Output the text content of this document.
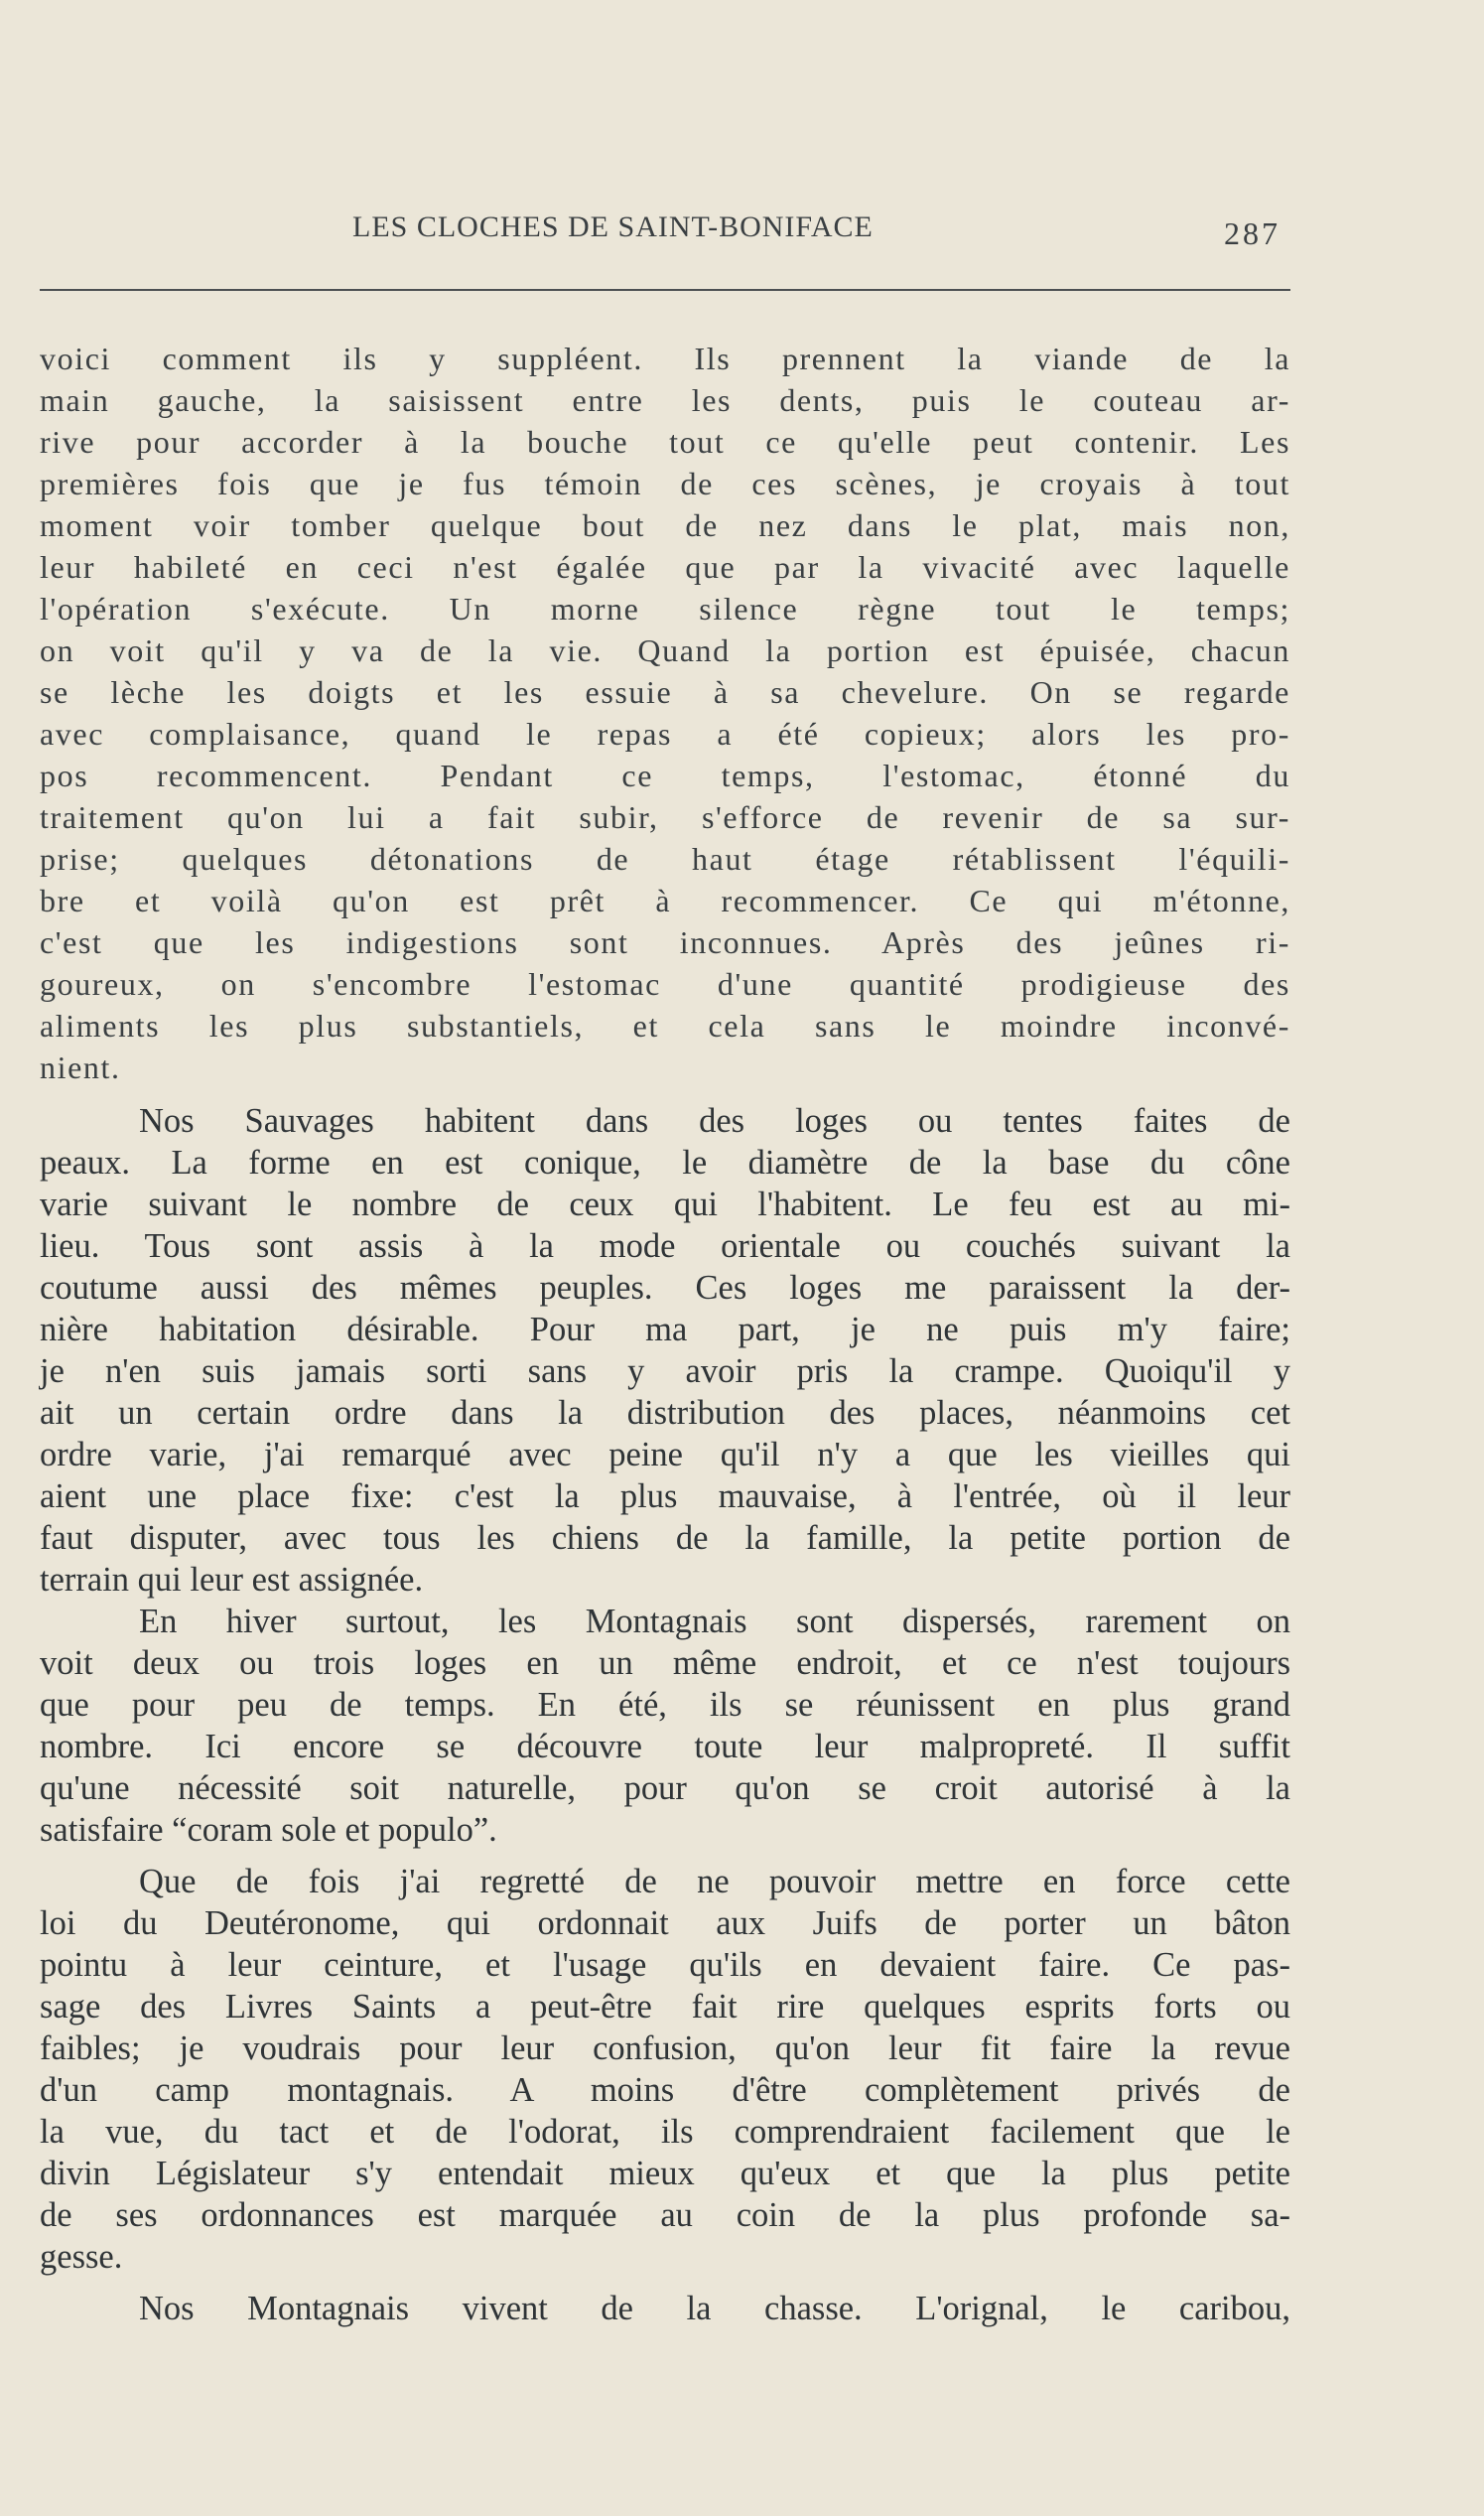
LES CLOCHES DE SAINT-BONIFACE	287

voici comment ils y suppléent. Ils prennent la viande de la
main gauche, la saisissent entre les dents, puis le couteau ar-
rive pour accorder à la bouche tout ce qu'elle peut contenir. Les
premières fois que je fus témoin de ces scènes, je croyais à tout
moment voir tomber quelque bout de nez dans le plat, mais non,
leur habileté en ceci n'est égalée que par la vivacité avec laquelle
l'opération s'exécute. Un morne silence règne tout le temps;
on voit qu'il y va de la vie. Quand la portion est épuisée, chacun
se lèche les doigts et les essuie à sa chevelure. On se regarde
avec complaisance, quand le repas a été copieux; alors les pro-
pos recommencent. Pendant ce temps, l'estomac, étonné du
traitement qu'on lui a fait subir, s'efforce de revenir de sa sur-
prise; quelques détonations de haut étage rétablissent l'équili-
bre et voilà qu'on est prêt à recommencer. Ce qui m'étonne,
c'est que les indigestions sont inconnues. Après des jeûnes ri-
goureux, on s'encombre l'estomac d'une quantité prodigieuse des
aliments les plus substantiels, et cela sans le moindre inconvé-
nient.

Nos Sauvages habitent dans des loges ou tentes faites de
peaux. La forme en est conique, le diamètre de la base du cône
varie suivant le nombre de ceux qui l'habitent. Le feu est au mi-
lieu. Tous sont assis à la mode orientale ou couchés suivant la
coutume aussi des mêmes peuples. Ces loges me paraissent la der-
nière habitation désirable. Pour ma part, je ne puis m'y faire;
je n'en suis jamais sorti sans y avoir pris la crampe. Quoiqu'il y
ait un certain ordre dans la distribution des places, néanmoins cet
ordre varie, j'ai remarqué avec peine qu'il n'y a que les vieilles qui
aient une place fixe: c'est la plus mauvaise, à l'entrée, où il leur
faut disputer, avec tous les chiens de la famille, la petite portion de
terrain qui leur est assignée.

En hiver surtout, les Montagnais sont dispersés, rarement on
voit deux ou trois loges en un même endroit, et ce n'est toujours
que pour peu de temps. En été, ils se réunissent en plus grand
nombre. Ici encore se découvre toute leur malpropreté. Il suffit
qu'une nécessité soit naturelle, pour qu'on se croit autorisé à la
satisfaire “coram sole et populo”.

Que de fois j'ai regretté de ne pouvoir mettre en force cette
loi du Deutéronome, qui ordonnait aux Juifs de porter un bâton
pointu à leur ceinture, et l'usage qu'ils en devaient faire. Ce pas-
sage des Livres Saints a peut-être fait rire quelques esprits forts ou
faibles; je voudrais pour leur confusion, qu'on leur fit faire la revue
d'un camp montagnais. A moins d'être complètement privés de
la vue, du tact et de l'odorat, ils comprendraient facilement que le
divin Législateur s'y entendait mieux qu'eux et que la plus petite
de ses ordonnances est marquée au coin de la plus profonde sa-
gesse.

Nos Montagnais vivent de la chasse. L'orignal, le caribou,
